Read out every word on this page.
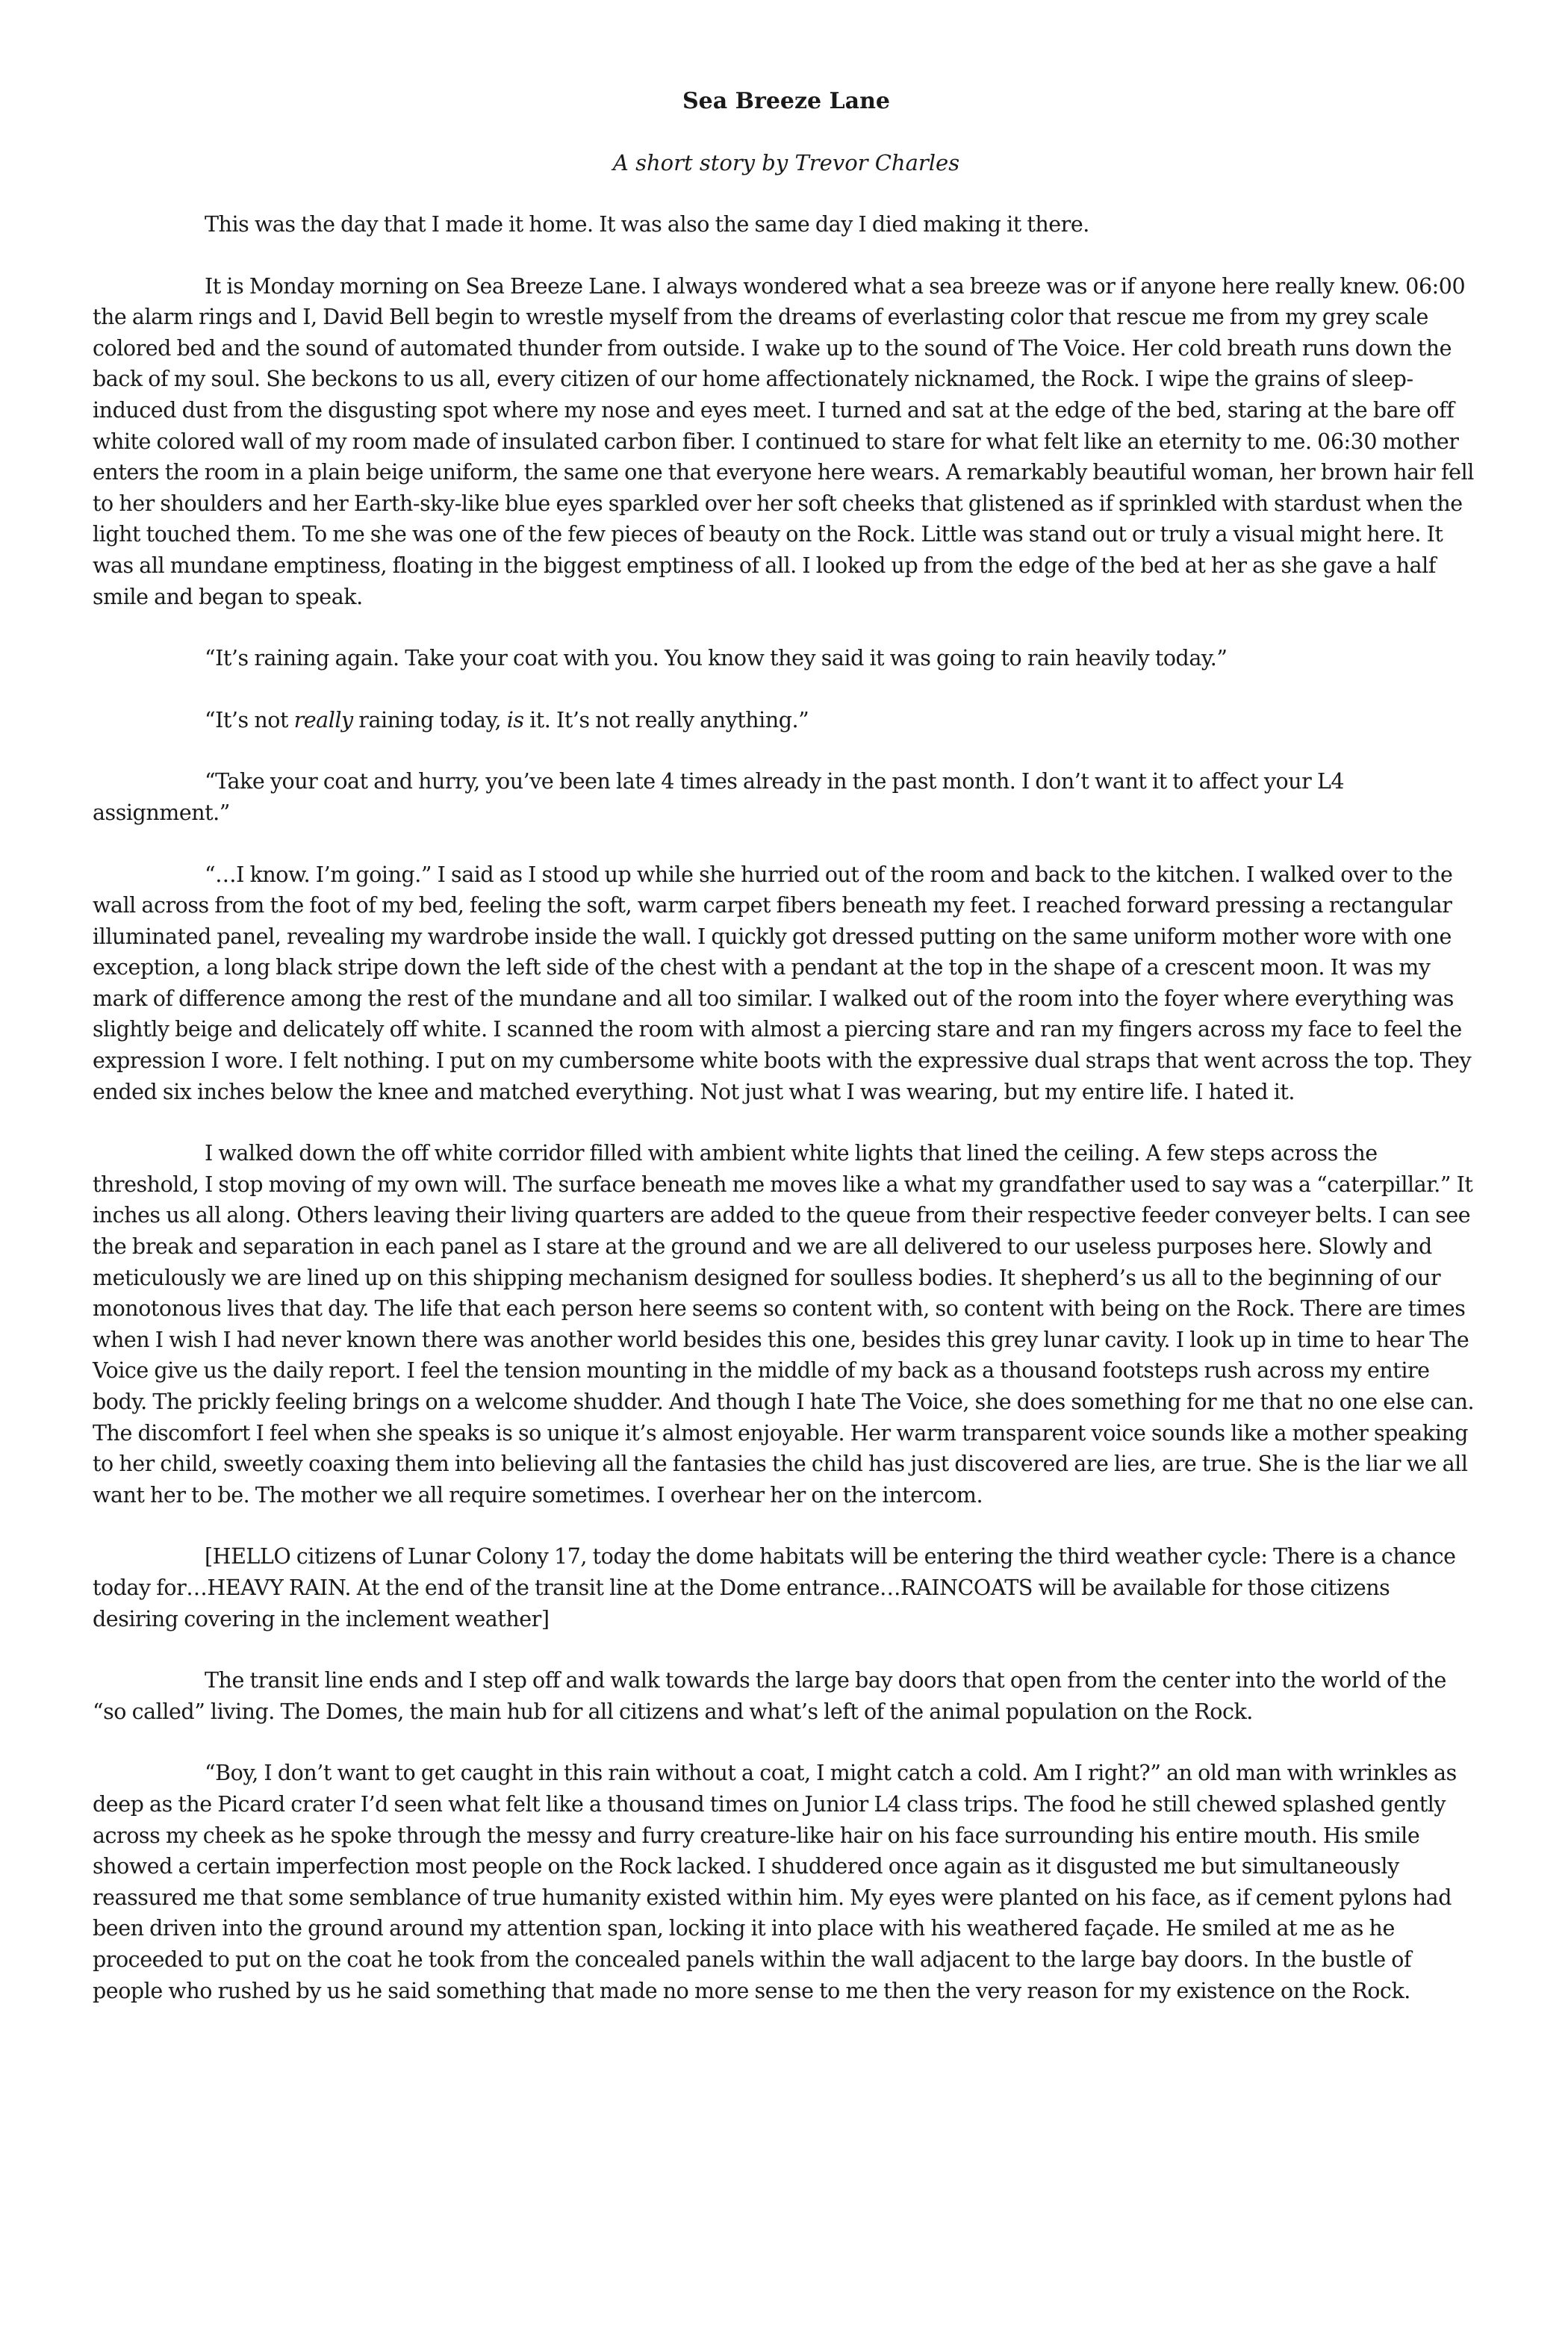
Sea Breeze Lane

A short story by Trevor Charles

This was the day that I made it home. It was also the same day I died making it there.

It is Monday morning on Sea Breeze Lane. I always wondered what a sea breeze was or if anyone here really knew. 06:00 the alarm rings and I, David Bell begin to wrestle myself from the dreams of everlasting color that rescue me from my grey scale colored bed and the sound of automated thunder from outside. I wake up to the sound of The Voice. Her cold breath runs down the back of my soul. She beckons to us all, every citizen of our home affectionately nicknamed, the Rock. I wipe the grains of sleep-induced dust from the disgusting spot where my nose and eyes meet. I turned and sat at the edge of the bed, staring at the bare off white colored wall of my room made of insulated carbon fiber. I continued to stare for what felt like an eternity to me. 06:30 mother enters the room in a plain beige uniform, the same one that everyone here wears. A remarkably beautiful woman, her brown hair fell to her shoulders and her Earth-sky-like blue eyes sparkled over her soft cheeks that glistened as if sprinkled with stardust when the light touched them. To me she was one of the few pieces of beauty on the Rock. Little was stand out or truly a visual might here. It was all mundane emptiness, floating in the biggest emptiness of all. I looked up from the edge of the bed at her as she gave a half smile and began to speak.

“It’s raining again. Take your coat with you. You know they said it was going to rain heavily today.”

“It’s not really raining today, is it. It’s not really anything.”

“Take your coat and hurry, you’ve been late 4 times already in the past month. I don’t want it to affect your L4 assignment.”

“…I know. I’m going.” I said as I stood up while she hurried out of the room and back to the kitchen. I walked over to the wall across from the foot of my bed, feeling the soft, warm carpet fibers beneath my feet. I reached forward pressing a rectangular illuminated panel, revealing my wardrobe inside the wall. I quickly got dressed putting on the same uniform mother wore with one exception, a long black stripe down the left side of the chest with a pendant at the top in the shape of a crescent moon. It was my mark of difference among the rest of the mundane and all too similar. I walked out of the room into the foyer where everything was slightly beige and delicately off white. I scanned the room with almost a piercing stare and ran my fingers across my face to feel the expression I wore. I felt nothing. I put on my cumbersome white boots with the expressive dual straps that went across the top. They ended six inches below the knee and matched everything. Not just what I was wearing, but my entire life. I hated it.

I walked down the off white corridor filled with ambient white lights that lined the ceiling. A few steps across the threshold, I stop moving of my own will. The surface beneath me moves like a what my grandfather used to say was a “caterpillar.” It inches us all along. Others leaving their living quarters are added to the queue from their respective feeder conveyer belts. I can see the break and separation in each panel as I stare at the ground and we are all delivered to our useless purposes here. Slowly and meticulously we are lined up on this shipping mechanism designed for soulless bodies. It shepherd’s us all to the beginning of our monotonous lives that day. The life that each person here seems so content with, so content with being on the Rock. There are times when I wish I had never known there was another world besides this one, besides this grey lunar cavity. I look up in time to hear The Voice give us the daily report. I feel the tension mounting in the middle of my back as a thousand footsteps rush across my entire body. The prickly feeling brings on a welcome shudder. And though I hate The Voice, she does something for me that no one else can. The discomfort I feel when she speaks is so unique it’s almost enjoyable. Her warm transparent voice sounds like a mother speaking to her child, sweetly coaxing them into believing all the fantasies the child has just discovered are lies, are true. She is the liar we all want her to be. The mother we all require sometimes. I overhear her on the intercom.

[HELLO citizens of Lunar Colony 17, today the dome habitats will be entering the third weather cycle: There is a chance today for…HEAVY RAIN. At the end of the transit line at the Dome entrance…RAINCOATS will be available for those citizens desiring covering in the inclement weather]

The transit line ends and I step off and walk towards the large bay doors that open from the center into the world of the “so called” living. The Domes, the main hub for all citizens and what’s left of the animal population on the Rock.

“Boy, I don’t want to get caught in this rain without a coat, I might catch a cold. Am I right?” an old man with wrinkles as deep as the Picard crater I’d seen what felt like a thousand times on Junior L4 class trips. The food he still chewed splashed gently across my cheek as he spoke through the messy and furry creature-like hair on his face surrounding his entire mouth. His smile showed a certain imperfection most people on the Rock lacked. I shuddered once again as it disgusted me but simultaneously reassured me that some semblance of true humanity existed within him. My eyes were planted on his face, as if cement pylons had been driven into the ground around my attention span, locking it into place with his weathered façade. He smiled at me as he proceeded to put on the coat he took from the concealed panels within the wall adjacent to the large bay doors. In the bustle of people who rushed by us he said something that made no more sense to me then the very reason for my existence on the Rock.
